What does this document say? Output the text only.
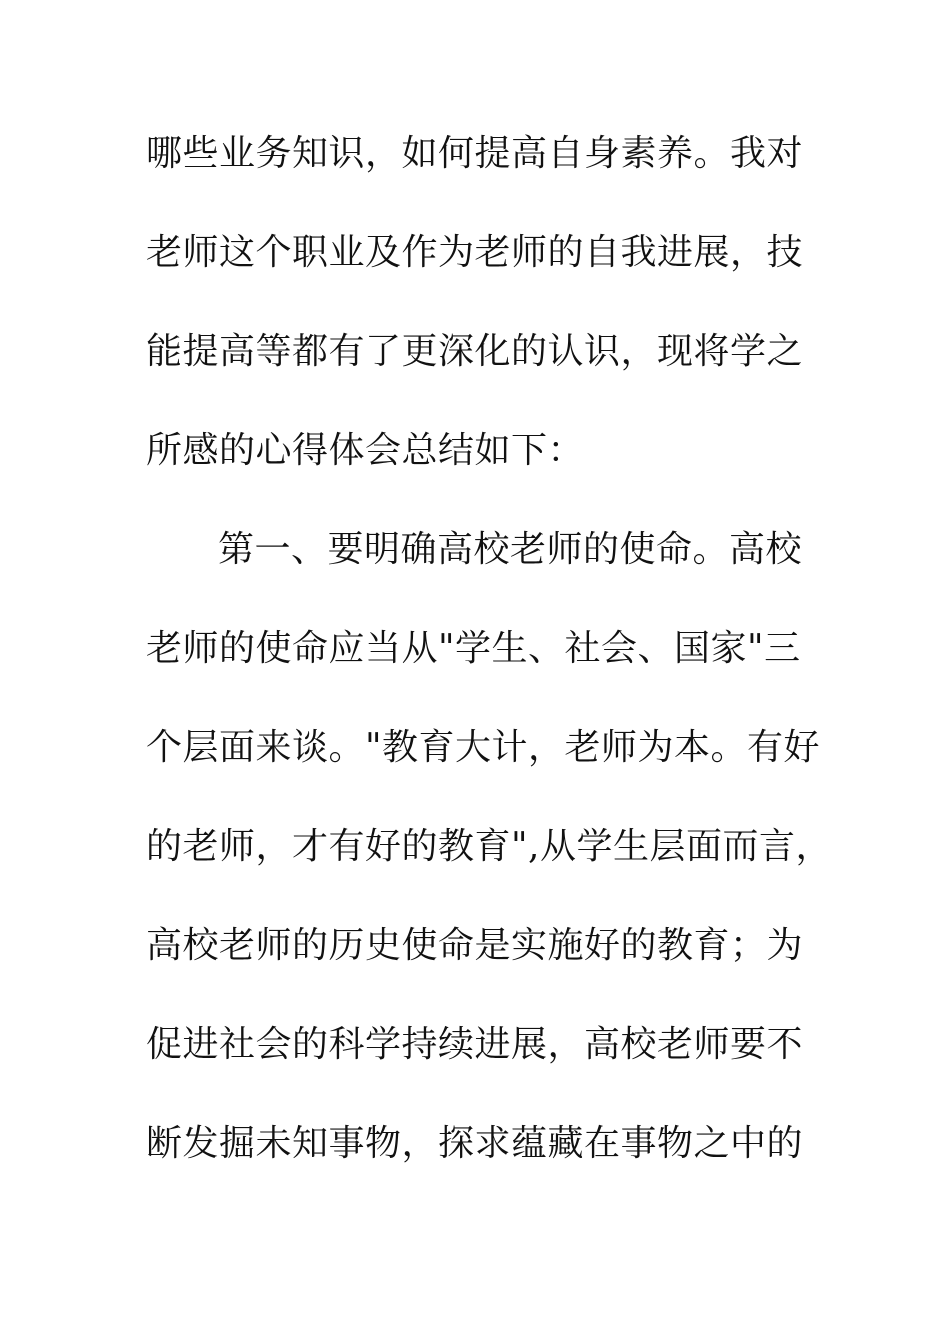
哪些业务知识，如何提高自身素养。我对
老师这个职业及作为老师的自我进展，技
能提高等都有了更深化的认识，现将学之
所感的心得体会总结如下：
第一、要明确高校老师的使命。高校
老师的使命应当从"学生、社会、国家"三
个层面来谈。"教育大计，老师为本。有好
的老师，才有好的教育",从学生层面而言，
高校老师的历史使命是实施好的教育；为
促进社会的科学持续进展，高校老师要不
断发掘未知事物，探求蕴藏在事物之中的
